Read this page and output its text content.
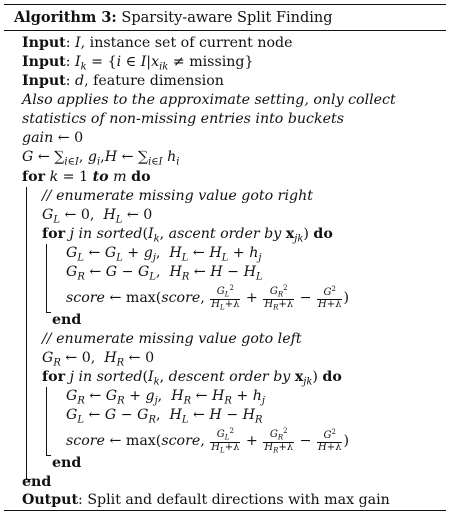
Algorithm 3: Sparsity-aware Split Finding
Input: I, instance set of current node
Input: $I_k = \{i$ ∈ $I|x_{ik} \ne missing$}
Input: d, feature dimension
Also applies to the approximate setting, only collect
statistics of non-missing entries into buckets
gain ← 0
G ← $\sum_{i\in I}$, $g_i,H$ ← $\sum_{i\in I}$ $h_i$
for k = 1 to m do
// enumerate missing value goto right
$G_L$ ← 0,  $H_L$ ← 0
for j in $sorted(I_k$, ascent order by $x_{jk}$) do
$G_L$ ← $G_L + g_j$,  $H_L$ ← $H_L + h_j$
$G_R$ ← $G - G_L$,  $H_R$ ← $H - H_L$
score ← max(score, $\frac{G_L^2}{H_L+\lambda} + \frac{G_R^2}{H_R+\lambda} - \frac{G^2}{H+\lambda}$ )
end
// enumerate missing value goto left
$G_R$ ← 0,  $H_R$ ← 0
for j in $sorted(I_k$, descent order by $x_{jk}$) do
$G_R$ ← $G_R + g_j$,  $H_R$ ← $H_R + h_j$
$G_L$ ← $G - G_R$,  $H_L$ ← $H - H_R$
score ← max(score, $\frac{G_L^2}{H_L+\lambda} + \frac{G_R^2}{H_R+\lambda} - \frac{G^2}{H+\lambda}$ )
end
end
Output: Split and default directions with max gain
